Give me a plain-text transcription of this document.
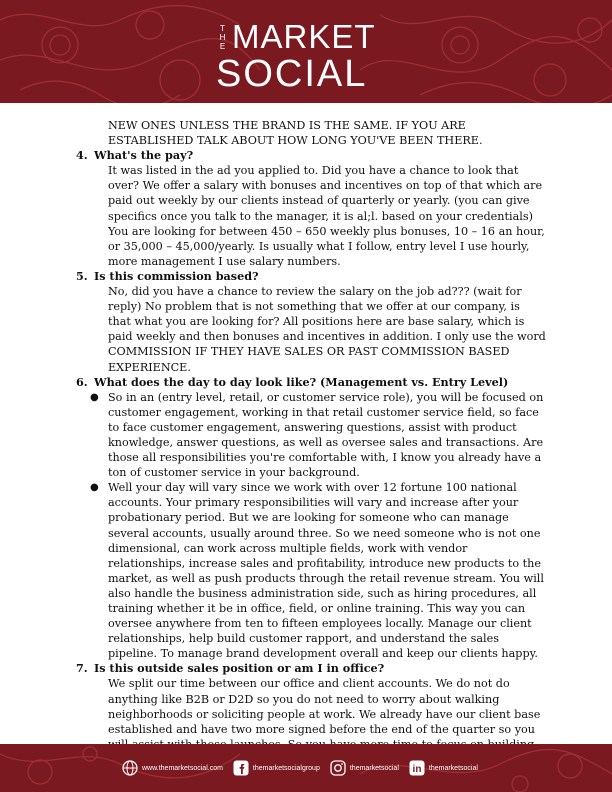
THE MARKET
SOCIAL

NEW ONES UNLESS THE BRAND IS THE SAME. IF YOU ARE ESTABLISHED TALK ABOUT HOW LONG YOU'VE BEEN THERE.

4. What's the pay?

It was listed in the ad you applied to. Did you have a chance to look that over? We offer a salary with bonuses and incentives on top of that which are paid out weekly by our clients instead of quarterly or yearly. (you can give specifics once you talk to the manager, it is al;l. based on your credentials) You are looking for between 450 – 650 weekly plus bonuses, 10 – 16 an hour, or 35,000 – 45,000/yearly. Is usually what I follow, entry level I use hourly, more management I use salary numbers.

5. Is this commission based?

No, did you have a chance to review the salary on the job ad??? (wait for reply) No problem that is not something that we offer at our company, is that what you are looking for? All positions here are base salary, which is paid weekly and then bonuses and incentives in addition. I only use the word COMMISSION IF THEY HAVE SALES OR PAST COMMISSION BASED EXPERIENCE.

6. What does the day to day look like? (Management vs. Entry Level)
● So in an (entry level, retail, or customer service role), you will be focused on customer engagement, working in that retail customer service field, so face to face customer engagement, answering questions, assist with product knowledge, answer questions, as well as oversee sales and transactions. Are those all responsibilities you're comfortable with, I know you already have a ton of customer service in your background.
● Well your day will vary since we work with over 12 fortune 100 national accounts. Your primary responsibilities will vary and increase after your probationary period. But we are looking for someone who can manage several accounts, usually around three. So we need someone who is not one dimensional, can work across multiple fields, work with vendor relationships, increase sales and profitability, introduce new products to the market, as well as push products through the retail revenue stream. You will also handle the business administration side, such as hiring procedures, all training whether it be in office, field, or online training. This way you can oversee anywhere from ten to fifteen employees locally. Manage our client relationships, help build customer rapport, and understand the sales pipeline. To manage brand development overall and keep our clients happy.
7. Is this outside sales position or am I in office?

We split our time between our office and client accounts. We do not do anything like B2B or D2D so you do not need to worry about walking neighborhoods or soliciting people at work. We already have our client base established and have two more signed before the end of the quarter so you

www.themarketsocial.com	themarketsocialgroup	themarketsocial in themarketsocial
